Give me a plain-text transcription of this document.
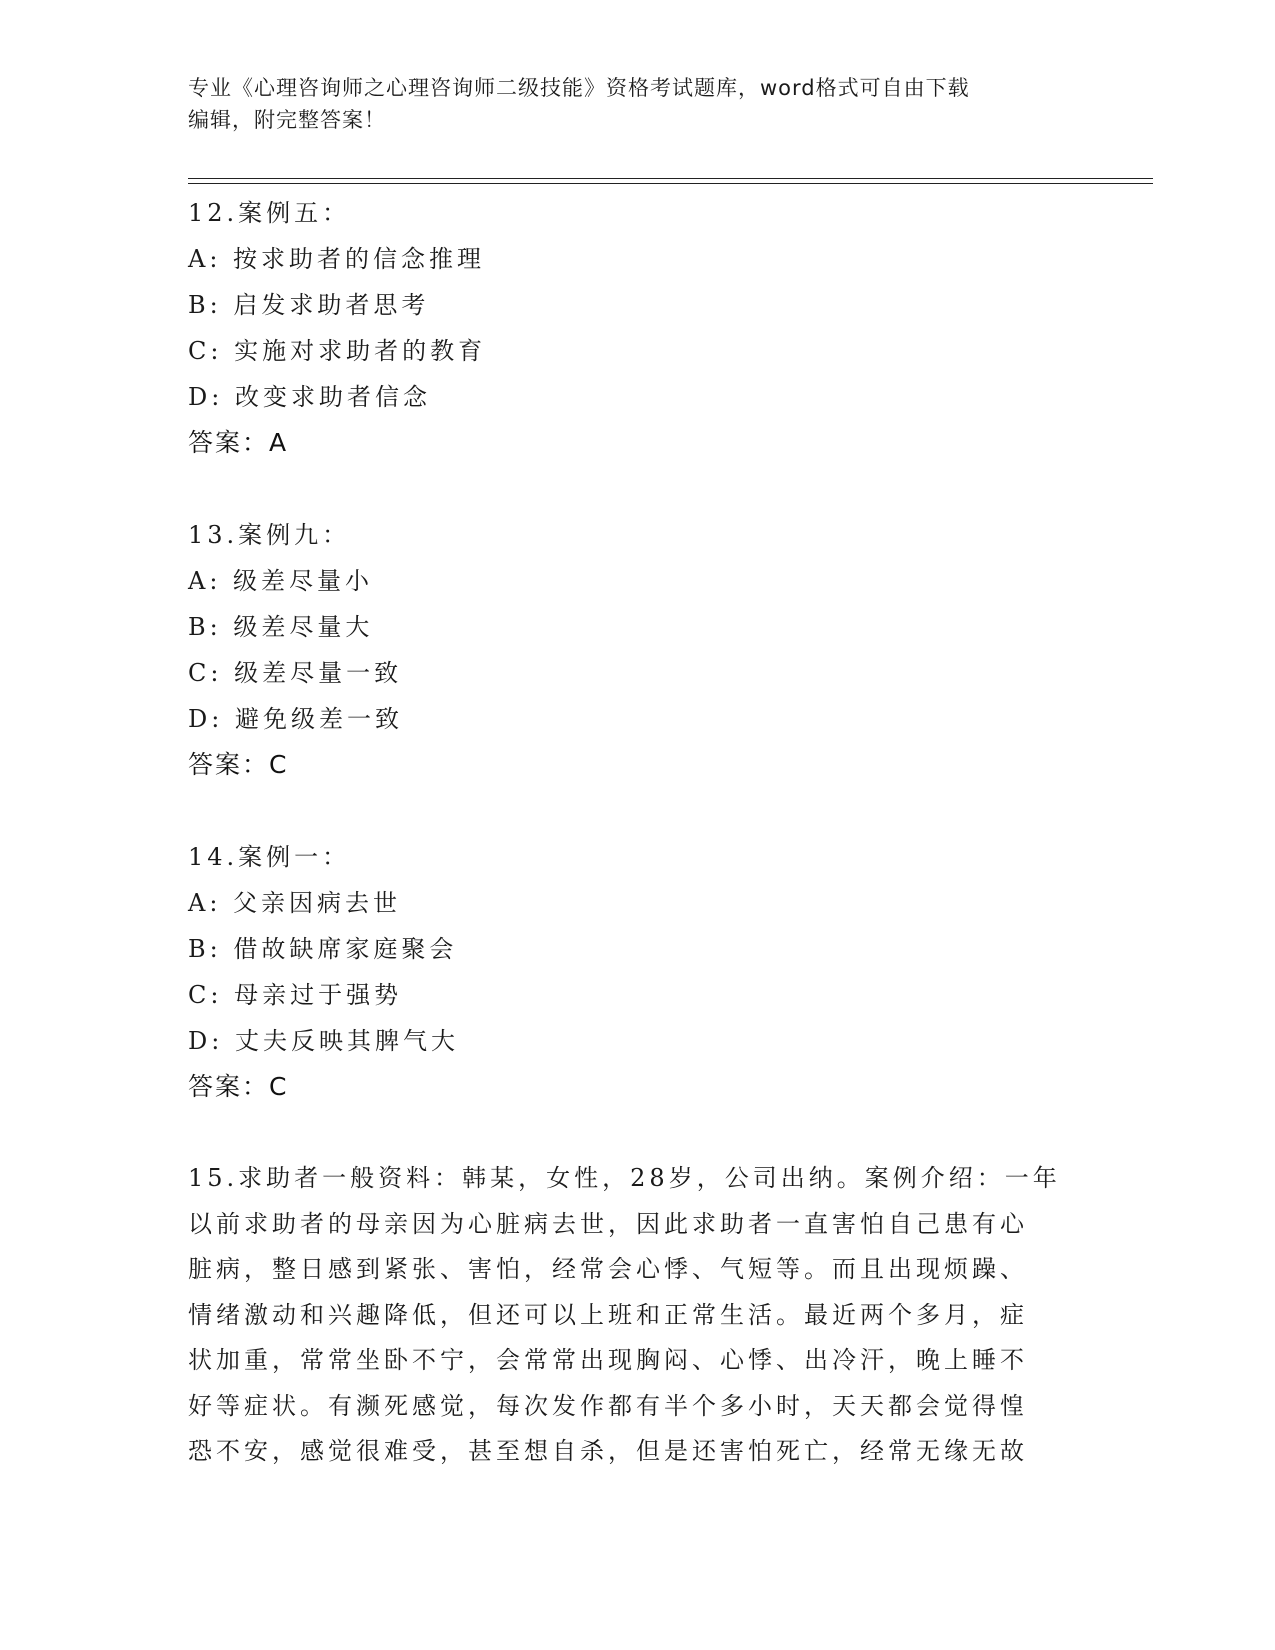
专业《心理咨询师之心理咨询师二级技能》资格考试题库，word格式可自由下载
编辑，附完整答案！
12.案例五：
A: 按求助者的信念推理
B: 启发求助者思考
C: 实施对求助者的教育
D: 改变求助者信念
答案：A
13.案例九：
A: 级差尽量小
B: 级差尽量大
C: 级差尽量一致
D: 避免级差一致
答案：C
14.案例一：
A: 父亲因病去世
B: 借故缺席家庭聚会
C: 母亲过于强势
D: 丈夫反映其脾气大
答案：C
15.求助者一般资料：韩某，女性，28岁，公司出纳。案例介绍：一年
以前求助者的母亲因为心脏病去世，因此求助者一直害怕自己患有心
脏病，整日感到紧张、害怕，经常会心悸、气短等。而且出现烦躁、
情绪激动和兴趣降低，但还可以上班和正常生活。最近两个多月，症
状加重，常常坐卧不宁，会常常出现胸闷、心悸、出冷汗，晚上睡不
好等症状。有濒死感觉，每次发作都有半个多小时，天天都会觉得惶
恐不安，感觉很难受，甚至想自杀，但是还害怕死亡，经常无缘无故
